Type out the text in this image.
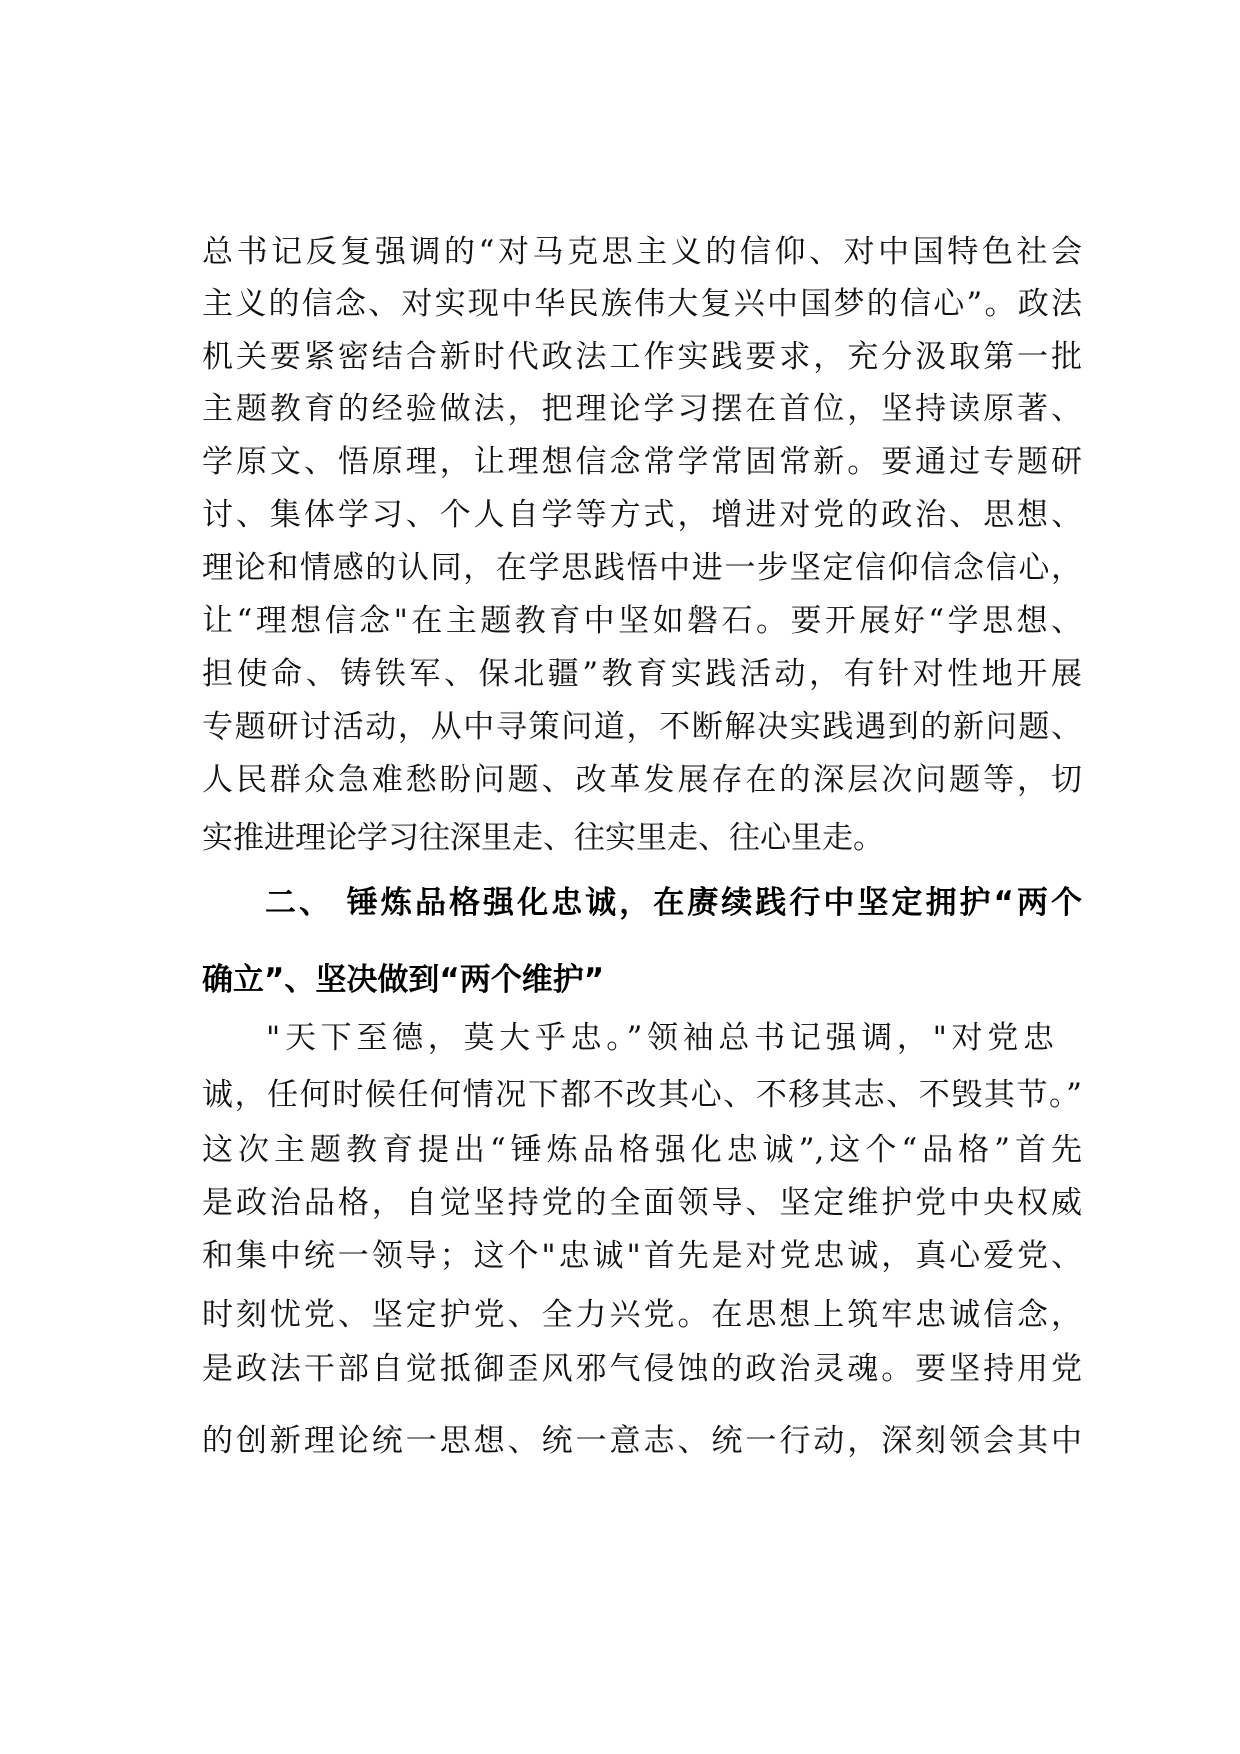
总书记反复强调的“对马克思主义的信仰、对中国特色社会
主义的信念、对实现中华民族伟大复兴中国梦的信心”。政法
机关要紧密结合新时代政法工作实践要求，充分汲取第一批
主题教育的经验做法，把理论学习摆在首位，坚持读原著、
学原文、悟原理，让理想信念常学常固常新。要通过专题研
讨、集体学习、个人自学等方式，增进对党的政治、思想、
理论和情感的认同，在学思践悟中进一步坚定信仰信念信心，
让“理想信念"在主题教育中坚如磐石。要开展好“学思想、
担使命、铸铁军、保北疆”教育实践活动，有针对性地开展
专题研讨活动，从中寻策问道，不断解决实践遇到的新问题、
人民群众急难愁盼问题、改革发展存在的深层次问题等，切
实推进理论学习往深里走、往实里走、往心里走。
二、 锤炼品格强化忠诚，在赓续践行中坚定拥护“两个
确立”、坚决做到“两个维护”
"天下至德，莫大乎忠。”领袖总书记强调，"对党忠
诚，任何时候任何情况下都不改其心、不移其志、不毁其节。”
这次主题教育提出“锤炼品格强化忠诚”,这个“品格”首先
是政治品格，自觉坚持党的全面领导、坚定维护党中央权威
和集中统一领导；这个"忠诚"首先是对党忠诚，真心爱党、
时刻忧党、坚定护党、全力兴党。在思想上筑牢忠诚信念，
是政法干部自觉抵御歪风邪气侵蚀的政治灵魂。要坚持用党
的创新理论统一思想、统一意志、统一行动，深刻领会其中
